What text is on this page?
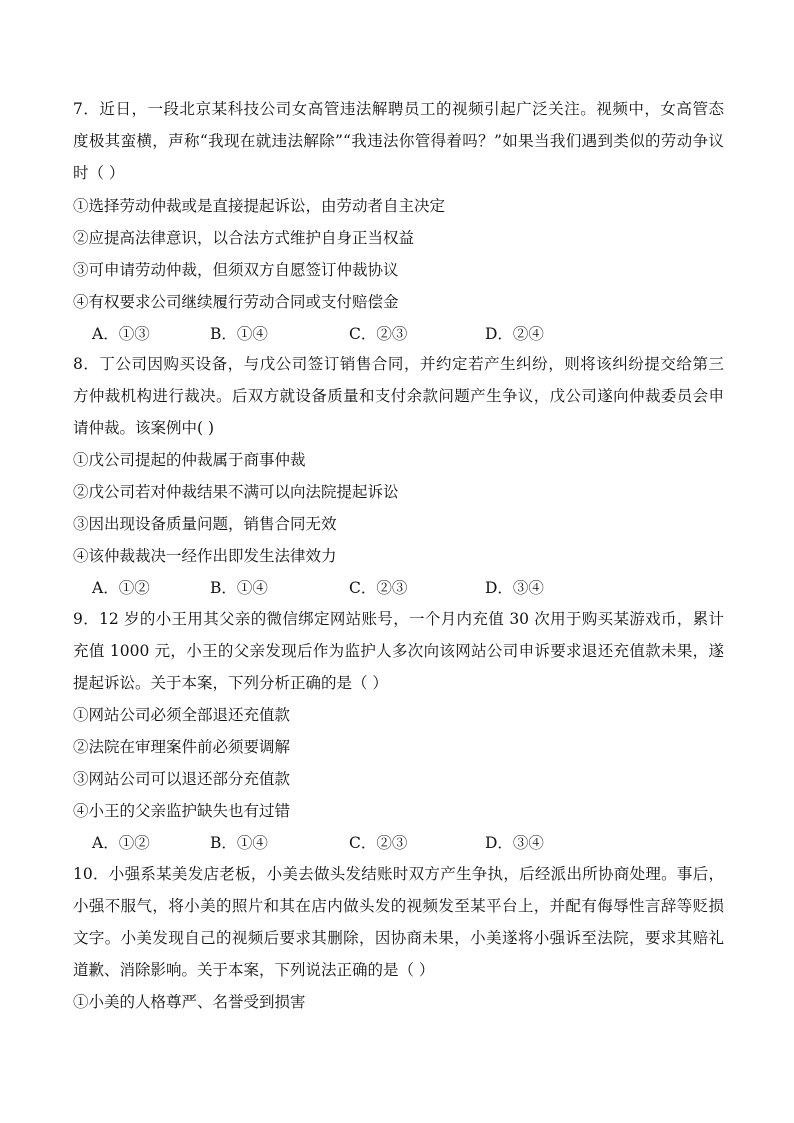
7．近日，一段北京某科技公司女高管违法解聘员工的视频引起广泛关注。视频中，女高管态
度极其蛮横，声称“我现在就违法解除”“我违法你管得着吗？”如果当我们遇到类似的劳动争议
时（ ）
①选择劳动仲裁或是直接提起诉讼，由劳动者自主决定
②应提高法律意识，以合法方式维护自身正当权益
③可申请劳动仲裁，但须双方自愿签订仲裁协议
④有权要求公司继续履行劳动合同或支付赔偿金
A．①③	B．①④	C．②③	D．②④
8．丁公司因购买设备，与戊公司签订销售合同，并约定若产生纠纷，则将该纠纷提交给第三
方仲裁机构进行裁决。后双方就设备质量和支付余款问题产生争议，戊公司遂向仲裁委员会申
请仲裁。该案例中( )
①戊公司提起的仲裁属于商事仲裁
②戊公司若对仲裁结果不满可以向法院提起诉讼
③因出现设备质量问题，销售合同无效
④该仲裁裁决一经作出即发生法律效力
A．①②	B．①④	C．②③	D．③④
9．12 岁的小王用其父亲的微信绑定网站账号，一个月内充值 30 次用于购买某游戏币，累计
充值 1000 元，小王的父亲发现后作为监护人多次向该网站公司申诉要求退还充值款未果，遂
提起诉讼。关于本案，下列分析正确的是（ ）
①网站公司必须全部退还充值款
②法院在审理案件前必须要调解
③网站公司可以退还部分充值款
④小王的父亲监护缺失也有过错
A．①②	B．①④	C．②③	D．③④
10．小强系某美发店老板，小美去做头发结账时双方产生争执，后经派出所协商处理。事后，
小强不服气，将小美的照片和其在店内做头发的视频发至某平台上，并配有侮辱性言辞等贬损
文字。小美发现自己的视频后要求其删除，因协商未果，小美遂将小强诉至法院，要求其赔礼
道歉、消除影响。关于本案，下列说法正确的是（ ）
①小美的人格尊严、名誉受到损害
